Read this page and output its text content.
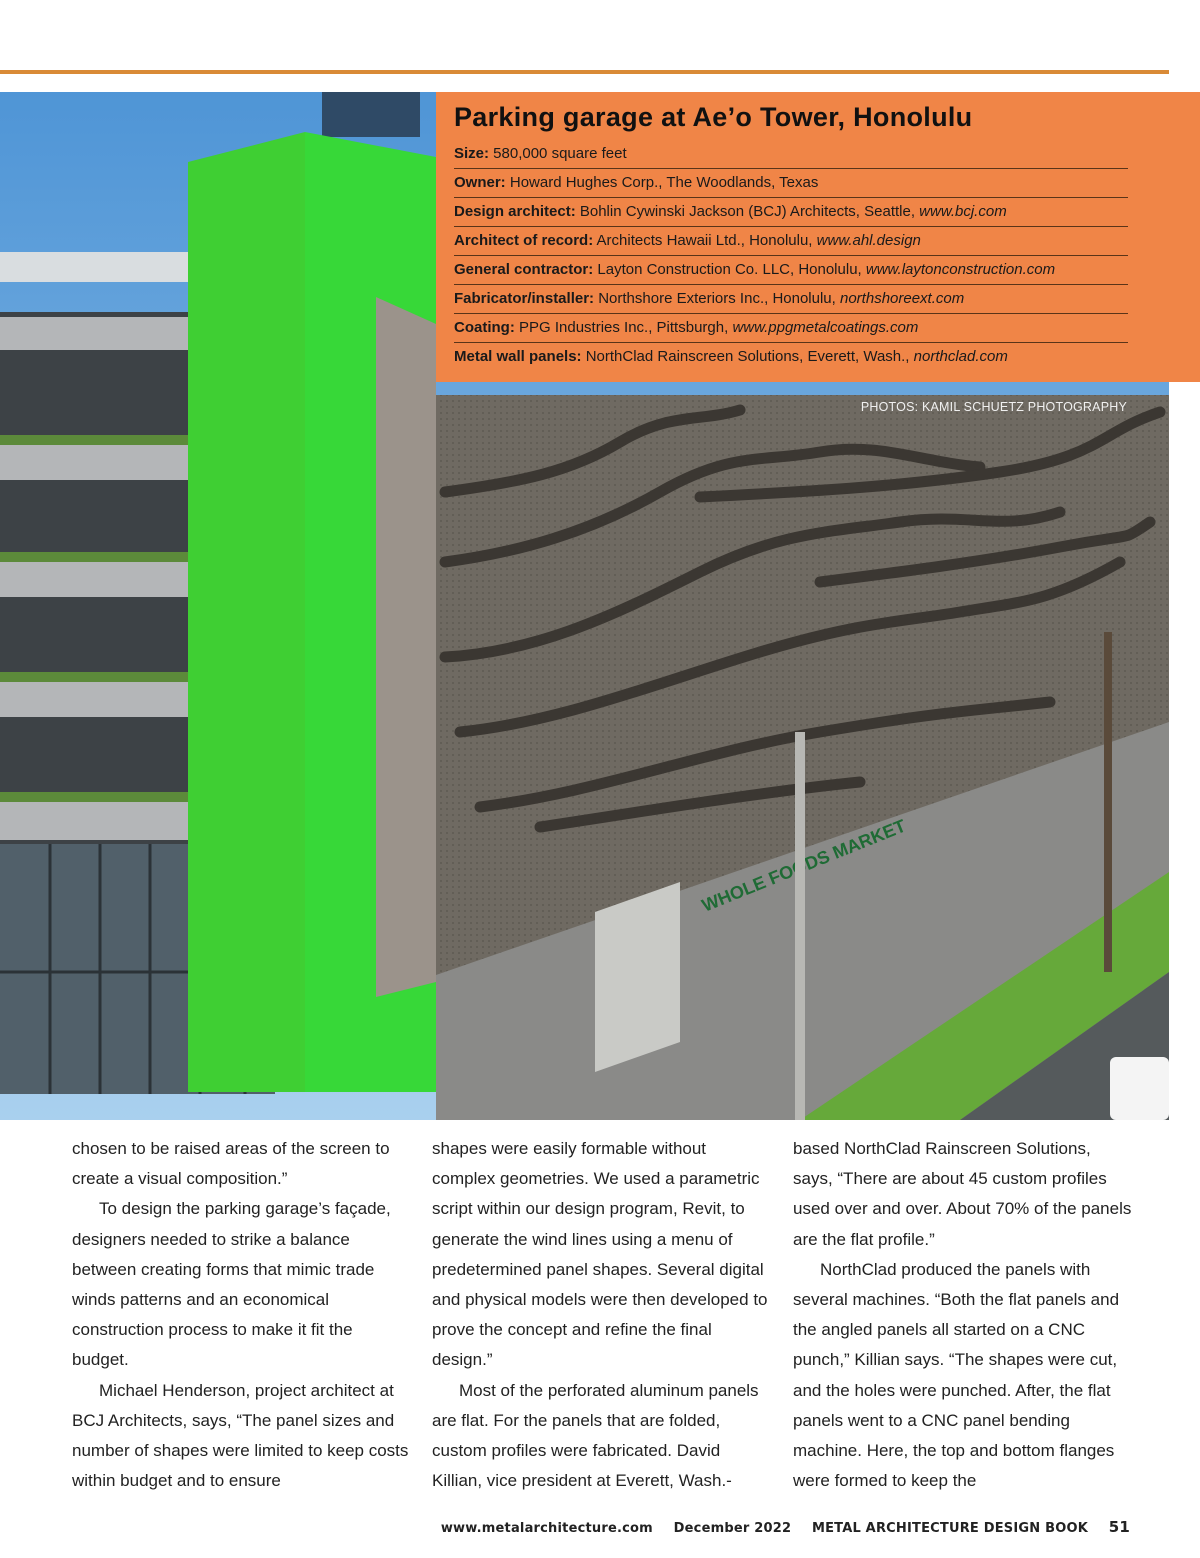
WHOLE MARKET
PHOTOS: KAMIL SCHUETZ PHOTOGRAPHY
Parking garage at Ae’o Tower, Honolulu
Size: 580,000 square feet
Owner: Howard Hughes Corp., The Woodlands, Texas
Design architect: Bohlin Cywinski Jackson (BCJ) Architects, Seattle, www.bcj.com
Architect of record: Architects Hawaii Ltd., Honolulu, www.ahl.design
General contractor: Layton Construction Co. LLC, Honolulu, www.laytonconstruction.com
Fabricator/installer: Northshore Exteriors Inc., Honolulu, northshoreext.com
Coating: PPG Industries Inc., Pittsburgh, www.ppgmetalcoatings.com
Metal wall panels: NorthClad Rainscreen Solutions, Everett, Wash., northclad.com

chosen to be raised areas of the screen to create a visual composition.”

To design the parking garage’s façade, designers needed to strike a balance between creating forms that mimic trade winds patterns and an economical construction process to make it fit the budget.

Michael Henderson, project architect at BCJ Architects, says, “The panel sizes and number of shapes were limited to keep costs within budget and to ensure

shapes were easily formable without complex geometries. We used a parametric script within our design program, Revit, to generate the wind lines using a menu of predetermined panel shapes. Several digital and physical models were then developed to prove the concept and refine the final design.”

Most of the perforated aluminum panels are flat. For the panels that are folded, custom profiles were fabricated. David Killian, vice president at Everett, Wash.-

based NorthClad Rainscreen Solutions, says, “There are about 45 custom profiles used over and over. About 70% of the panels are the flat profile.”

NorthClad produced the panels with several machines. “Both the flat panels and the angled panels all started on a CNC punch,” Killian says. “The shapes were cut, and the holes were punched. After, the flat panels went to a CNC panel bending machine. Here, the top and bottom flanges were formed to keep the

www.metalarchitecture.com December 2022 METAL ARCHITECTURE DESIGN BOOK 51
